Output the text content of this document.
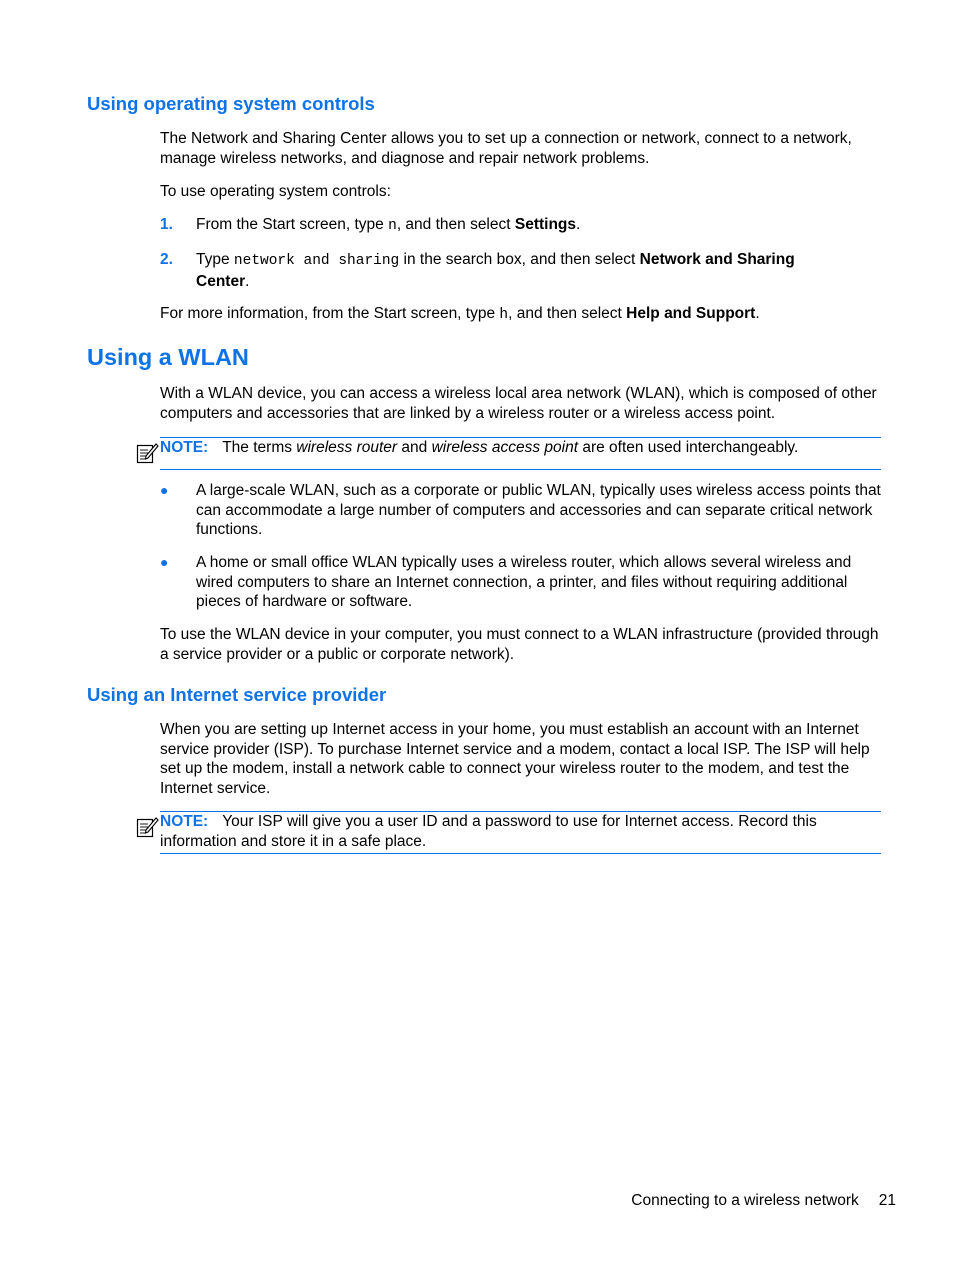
Using operating system controls

The Network and Sharing Center allows you to set up a connection or network, connect to a network, manage wireless networks, and diagnose and repair network problems.

To use operating system controls:

1. From the Start screen, type n, and then select Settings.

2. Type network and sharing in the search box, and then select Network and Sharing Center.

For more information, from the Start screen, type h, and then select Help and Support.

Using a WLAN

With a WLAN device, you can access a wireless local area network (WLAN), which is composed of other computers and accessories that are linked by a wireless router or a wireless access point.

NOTE: The terms wireless router and wireless access point are often used interchangeably.
● A large-scale WLAN, such as a corporate or public WLAN, typically uses wireless access points that can accommodate a large number of computers and accessories and can separate critical network functions.

● A home or small office WLAN typically uses a wireless router, which allows several wireless and wired computers to share an Internet connection, a printer, and files without requiring additional pieces of hardware or software.

To use the WLAN device in your computer, you must connect to a WLAN infrastructure (provided through a service provider or a public or corporate network).

Using an Internet service provider

When you are setting up Internet access in your home, you must establish an account with an Internet service provider (ISP). To purchase Internet service and a modem, contact a local ISP. The ISP will help set up the modem, install a network cable to connect your wireless router to the modem, and test the Internet service.

NOTE: Your ISP will give you a user ID and a password to use for Internet access. Record this information and store it in a safe place.
Connecting to a wireless network 21
